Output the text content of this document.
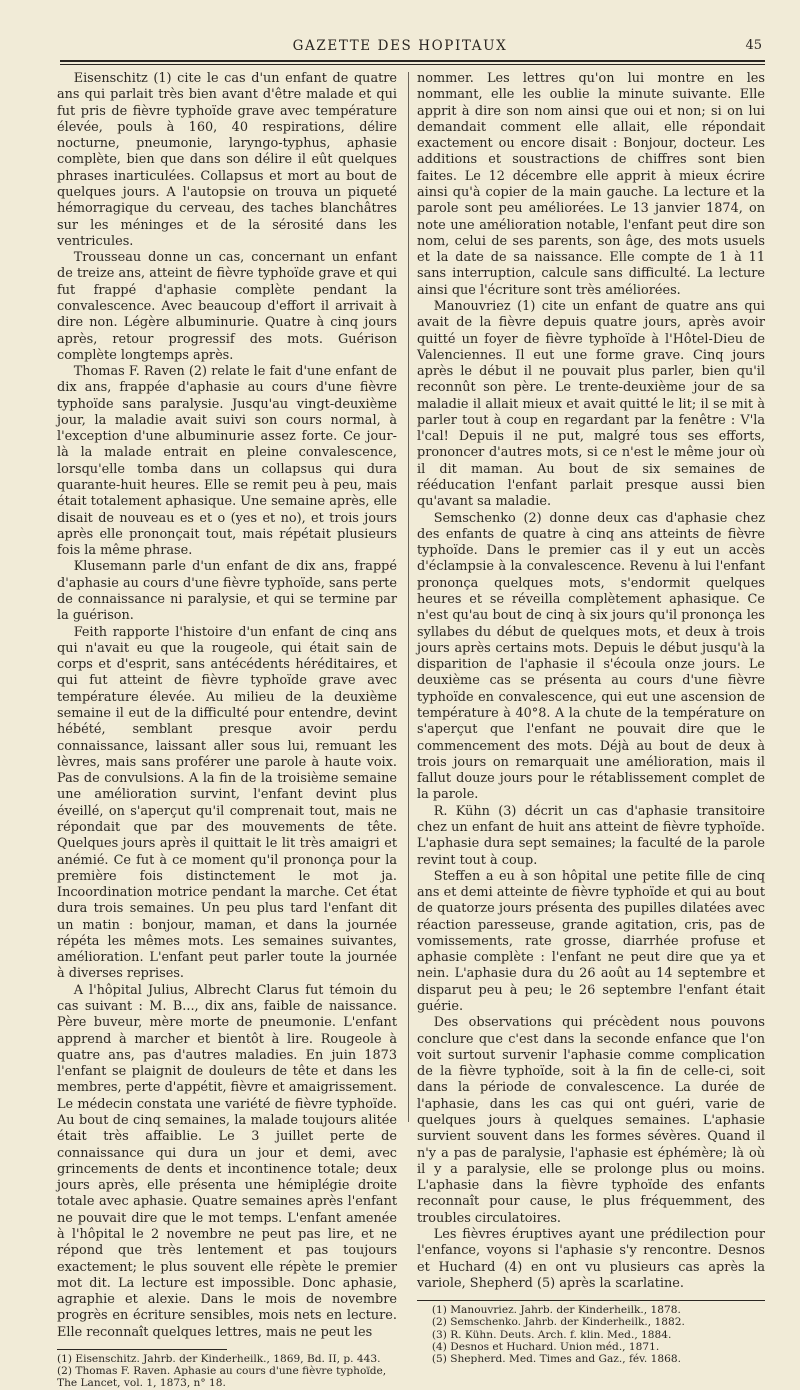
GAZETTE DES HOPITAUX	45

Eisenschitz (1) cite le cas d'un enfant de quatre ans qui parlait très bien avant d'être malade et qui fut pris de fièvre typhoïde grave avec température élevée, pouls à 160, 40 respirations, délire nocturne, pneumonie, laryngo-typhus, aphasie complète, bien que dans son délire il eût quelques phrases inarticulées. Collapsus et mort au bout de quelques jours. A l'autopsie on trouva un piqueté hémorragique du cerveau, des taches blanchâtres sur les méninges et de la sérosité dans les ventricules.

Trousseau donne un cas, concernant un enfant de treize ans, atteint de fièvre typhoïde grave et qui fut frappé d'aphasie complète pendant la convalescence. Avec beaucoup d'effort il arrivait à dire non. Légère albuminurie. Quatre à cinq jours après, retour progressif des mots. Guérison complète longtemps après.

Thomas F. Raven (2) relate le fait d'une enfant de dix ans, frappée d'aphasie au cours d'une fièvre typhoïde sans paralysie. Jusqu'au vingt-deuxième jour, la maladie avait suivi son cours normal, à l'exception d'une albuminurie assez forte. Ce jour-là la malade entrait en pleine convalescence, lorsqu'elle tomba dans un collapsus qui dura quarante-huit heures. Elle se remit peu à peu, mais était totalement aphasique. Une semaine après, elle disait de nouveau es et o (yes et no), et trois jours après elle prononçait tout, mais répétait plusieurs fois la même phrase.

Klusemann parle d'un enfant de dix ans, frappé d'aphasie au cours d'une fièvre typhoïde, sans perte de connaissance ni paralysie, et qui se termine par la guérison.

Feith rapporte l'histoire d'un enfant de cinq ans qui n'avait eu que la rougeole, qui était sain de corps et d'esprit, sans antécédents héréditaires, et qui fut atteint de fièvre typhoïde grave avec température élevée. Au milieu de la deuxième semaine il eut de la difficulté pour entendre, devint hébété, semblant presque avoir perdu connaissance, laissant aller sous lui, remuant les lèvres, mais sans proférer une parole à haute voix. Pas de convulsions. A la fin de la troisième semaine une amélioration survint, l'enfant devint plus éveillé, on s'aperçut qu'il comprenait tout, mais ne répondait que par des mouvements de tête. Quelques jours après il quittait le lit très amaigri et anémié. Ce fut à ce moment qu'il prononça pour la première fois distinctement le mot ja. Incoordination motrice pendant la marche. Cet état dura trois semaines. Un peu plus tard l'enfant dit un matin : bonjour, maman, et dans la journée répéta les mêmes mots. Les semaines suivantes, amélioration. L'enfant peut parler toute la journée à diverses reprises.

A l'hôpital Julius, Albrecht Clarus fut témoin du cas suivant : M. B..., dix ans, faible de naissance. Père buveur, mère morte de pneumonie. L'enfant apprend à marcher et bientôt à lire. Rougeole à quatre ans, pas d'autres maladies. En juin 1873 l'enfant se plaignit de douleurs de tête et dans les membres, perte d'appétit, fièvre et amaigrissement. Le médecin constata une variété de fièvre typhoïde. Au bout de cinq semaines, la malade toujours alitée était très affaiblie. Le 3 juillet perte de connaissance qui dura un jour et demi, avec grincements de dents et incontinence totale; deux jours après, elle présenta une hémiplégie droite totale avec aphasie. Quatre semaines après l'enfant ne pouvait dire que le mot temps. L'enfant amenée à l'hôpital le 2 novembre ne peut pas lire, et ne répond que très lentement et pas toujours exactement; le plus souvent elle répète le premier mot dit. La lecture est impossible. Donc aphasie, agraphie et alexie. Dans le mois de novembre progrès en écriture sensibles, mois nets en lecture. Elle reconnaît quelques lettres, mais ne peut les

(1) Eisenschitz. Jahrb. der Kinderheilk., 1869, Bd. II, p. 443.

(2) Thomas F. Raven. Aphasie au cours d'une fièvre typhoïde, The Lancet, vol. 1, 1873, n° 18.

nommer. Les lettres qu'on lui montre en les nommant, elle les oublie la minute suivante. Elle apprit à dire son nom ainsi que oui et non; si on lui demandait comment elle allait, elle répondait exactement ou encore disait : Bonjour, docteur. Les additions et soustractions de chiffres sont bien faites. Le 12 décembre elle apprit à mieux écrire ainsi qu'à copier de la main gauche. La lecture et la parole sont peu améliorées. Le 13 janvier 1874, on note une amélioration notable, l'enfant peut dire son nom, celui de ses parents, son âge, des mots usuels et la date de sa naissance. Elle compte de 1 à 11 sans interruption, calcule sans difficulté. La lecture ainsi que l'écriture sont très améliorées.

Manouvriez (1) cite un enfant de quatre ans qui avait de la fièvre depuis quatre jours, après avoir quitté un foyer de fièvre typhoïde à l'Hôtel-Dieu de Valenciennes. Il eut une forme grave. Cinq jours après le début il ne pouvait plus parler, bien qu'il reconnût son père. Le trente-deuxième jour de sa maladie il allait mieux et avait quitté le lit; il se mit à parler tout à coup en regardant par la fenêtre : V'la l'cal! Depuis il ne put, malgré tous ses efforts, prononcer d'autres mots, si ce n'est le même jour où il dit maman. Au bout de six semaines de rééducation l'enfant parlait presque aussi bien qu'avant sa maladie.

Semschenko (2) donne deux cas d'aphasie chez des enfants de quatre à cinq ans atteints de fièvre typhoïde. Dans le premier cas il y eut un accès d'éclampsie à la convalescence. Revenu à lui l'enfant prononça quelques mots, s'endormit quelques heures et se réveilla complètement aphasique. Ce n'est qu'au bout de cinq à six jours qu'il prononça les syllabes du début de quelques mots, et deux à trois jours après certains mots. Depuis le début jusqu'à la disparition de l'aphasie il s'écoula onze jours. Le deuxième cas se présenta au cours d'une fièvre typhoïde en convalescence, qui eut une ascension de température à 40°8. A la chute de la température on s'aperçut que l'enfant ne pouvait dire que le commencement des mots. Déjà au bout de deux à trois jours on remarquait une amélioration, mais il fallut douze jours pour le rétablissement complet de la parole.

R. Kühn (3) décrit un cas d'aphasie transitoire chez un enfant de huit ans atteint de fièvre typhoïde. L'aphasie dura sept semaines; la faculté de la parole revint tout à coup.

Steffen a eu à son hôpital une petite fille de cinq ans et demi atteinte de fièvre typhoïde et qui au bout de quatorze jours présenta des pupilles dilatées avec réaction paresseuse, grande agitation, cris, pas de vomissements, rate grosse, diarrhée profuse et aphasie complète : l'enfant ne peut dire que ya et nein. L'aphasie dura du 26 août au 14 septembre et disparut peu à peu; le 26 septembre l'enfant était guérie.

Des observations qui précèdent nous pouvons conclure que c'est dans la seconde enfance que l'on voit surtout survenir l'aphasie comme complication de la fièvre typhoïde, soit à la fin de celle-ci, soit dans la période de convalescence. La durée de l'aphasie, dans les cas qui ont guéri, varie de quelques jours à quelques semaines. L'aphasie survient souvent dans les formes sévères. Quand il n'y a pas de paralysie, l'aphasie est éphémère; là où il y a paralysie, elle se prolonge plus ou moins. L'aphasie dans la fièvre typhoïde des enfants reconnaît pour cause, le plus fréquemment, des troubles circulatoires.

Les fièvres éruptives ayant une prédilection pour l'enfance, voyons si l'aphasie s'y rencontre. Desnos et Huchard (4) en ont vu plusieurs cas après la variole, Shepherd (5) après la scarlatine.

(1) Manouvriez. Jahrb. der Kinderheilk., 1878.

(2) Semschenko. Jahrb. der Kinderheilk., 1882.

(3) R. Kühn. Deuts. Arch. f. klin. Med., 1884.

(4) Desnos et Huchard. Union méd., 1871.

(5) Shepherd. Med. Times and Gaz., fév. 1868.
